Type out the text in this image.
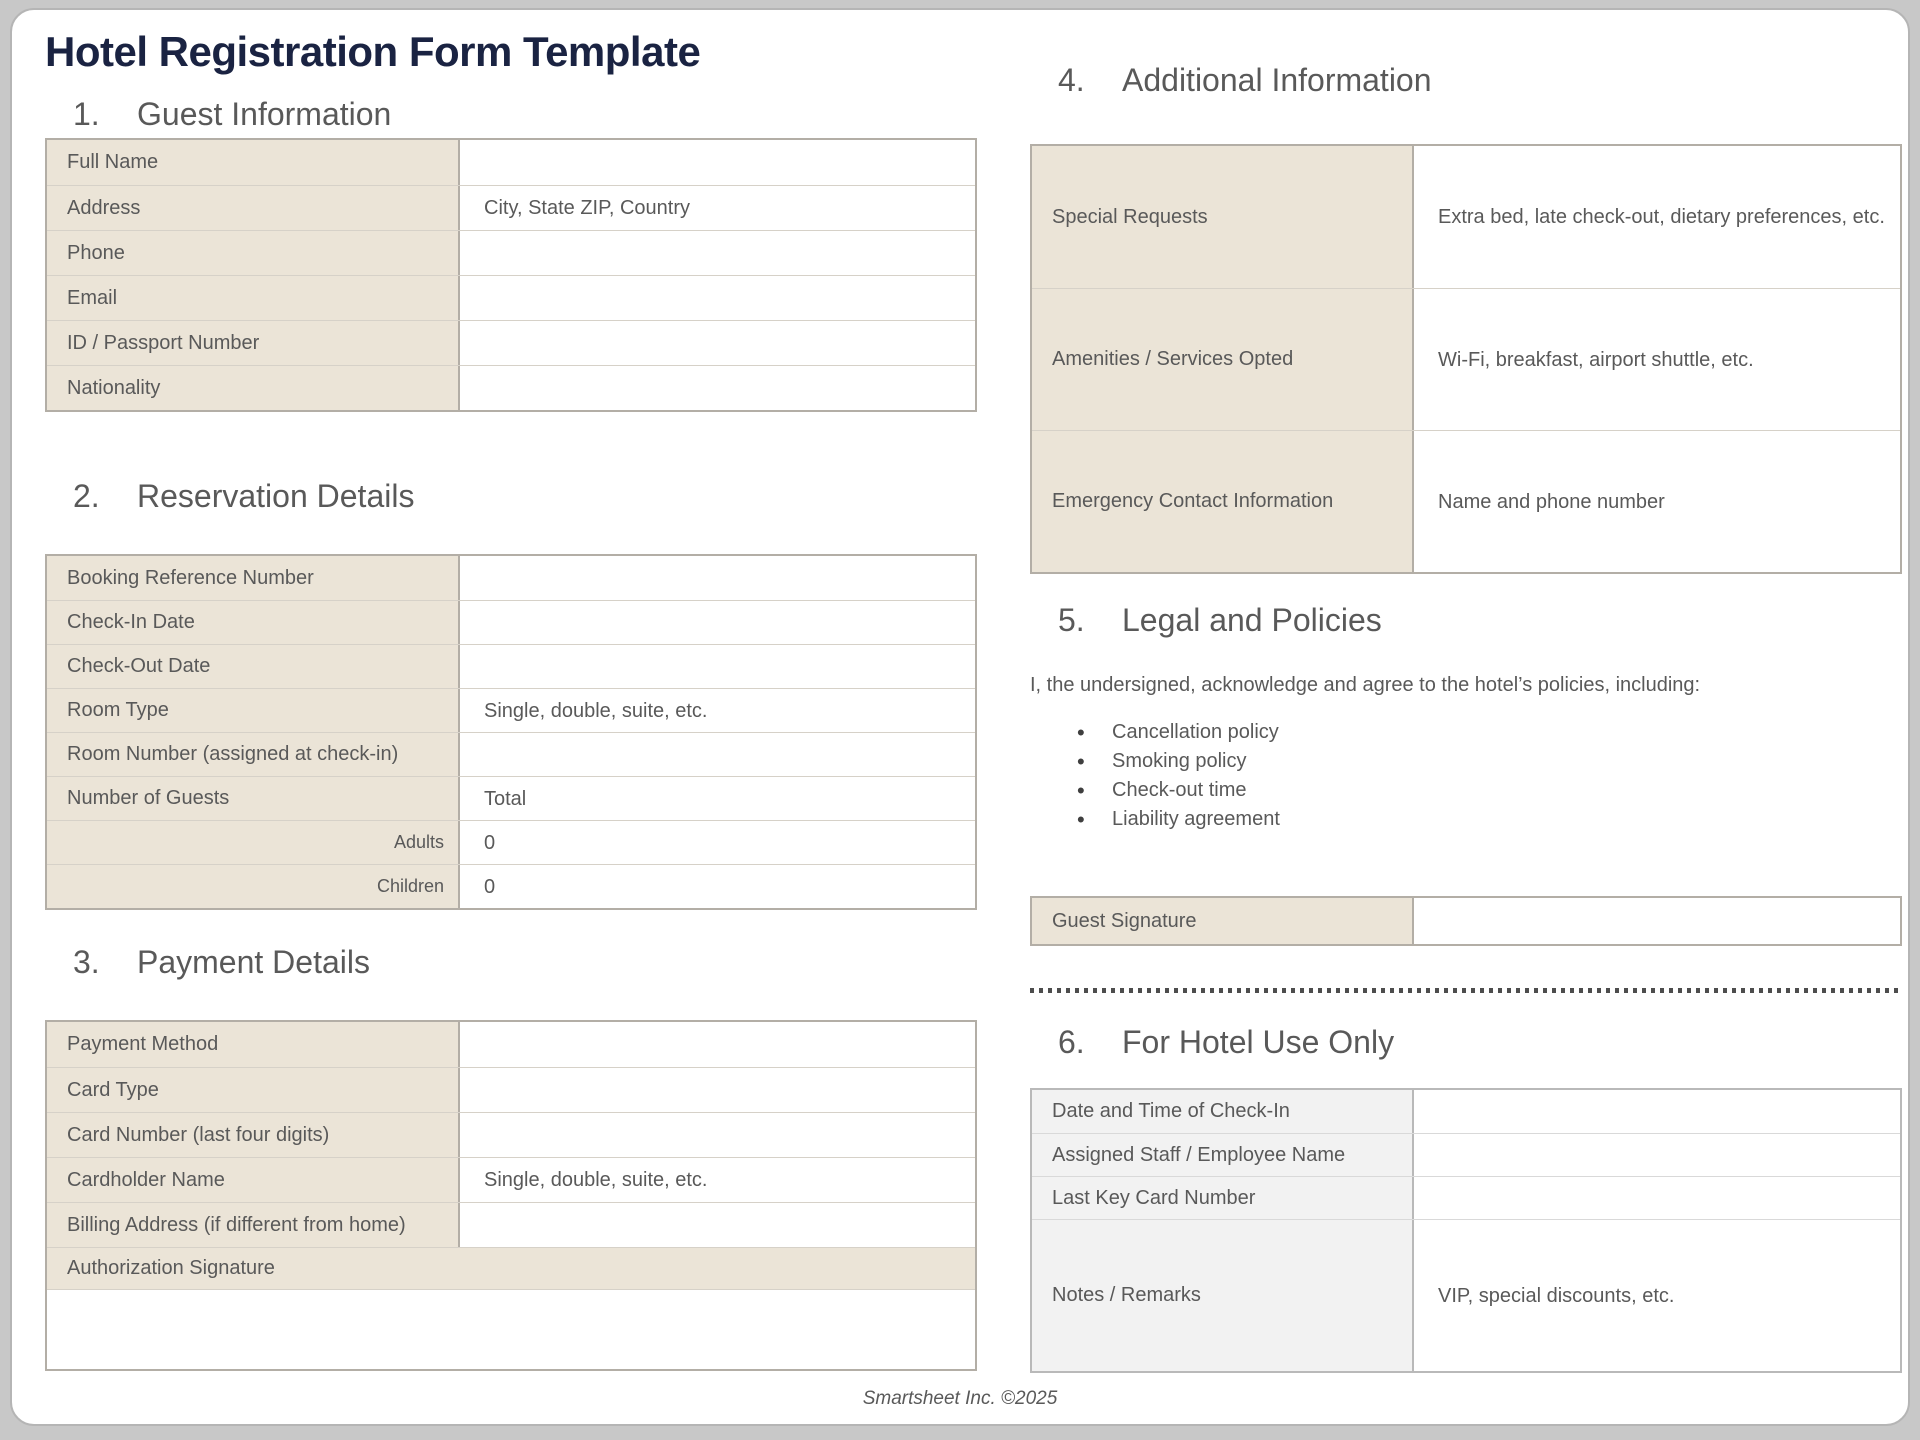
Hotel Registration Form Template
1. Guest Information
Full Name
Address	City, State ZIP, Country
Phone
Email
ID / Passport Number
Nationality
2. Reservation Details
Booking Reference Number
Check-In Date
Check-Out Date
Room Type	Single, double, suite, etc.
Room Number (assigned at check-in)
Number of Guests	Total
Adults	0
Children	0
3. Payment Details
Payment Method
Card Type
Card Number (last four digits)
Cardholder Name	Single, double, suite, etc.
Billing Address (if different from home)
Authorization Signature
4. Additional Information
Special Requests	Extra bed, late check-out, dietary preferences, etc.
Amenities / Services Opted	Wi-Fi, breakfast, airport shuttle, etc.
Emergency Contact Information	Name and phone number
5. Legal and Policies
I, the undersigned, acknowledge and agree to the hotel’s policies, including:
• Cancellation policy
• Smoking policy
• Check-out time
• Liability agreement
Guest Signature
6. For Hotel Use Only
Date and Time of Check-In
Assigned Staff / Employee Name
Last Key Card Number
Notes / Remarks	VIP, special discounts, etc.
Smartsheet Inc. ©2025
